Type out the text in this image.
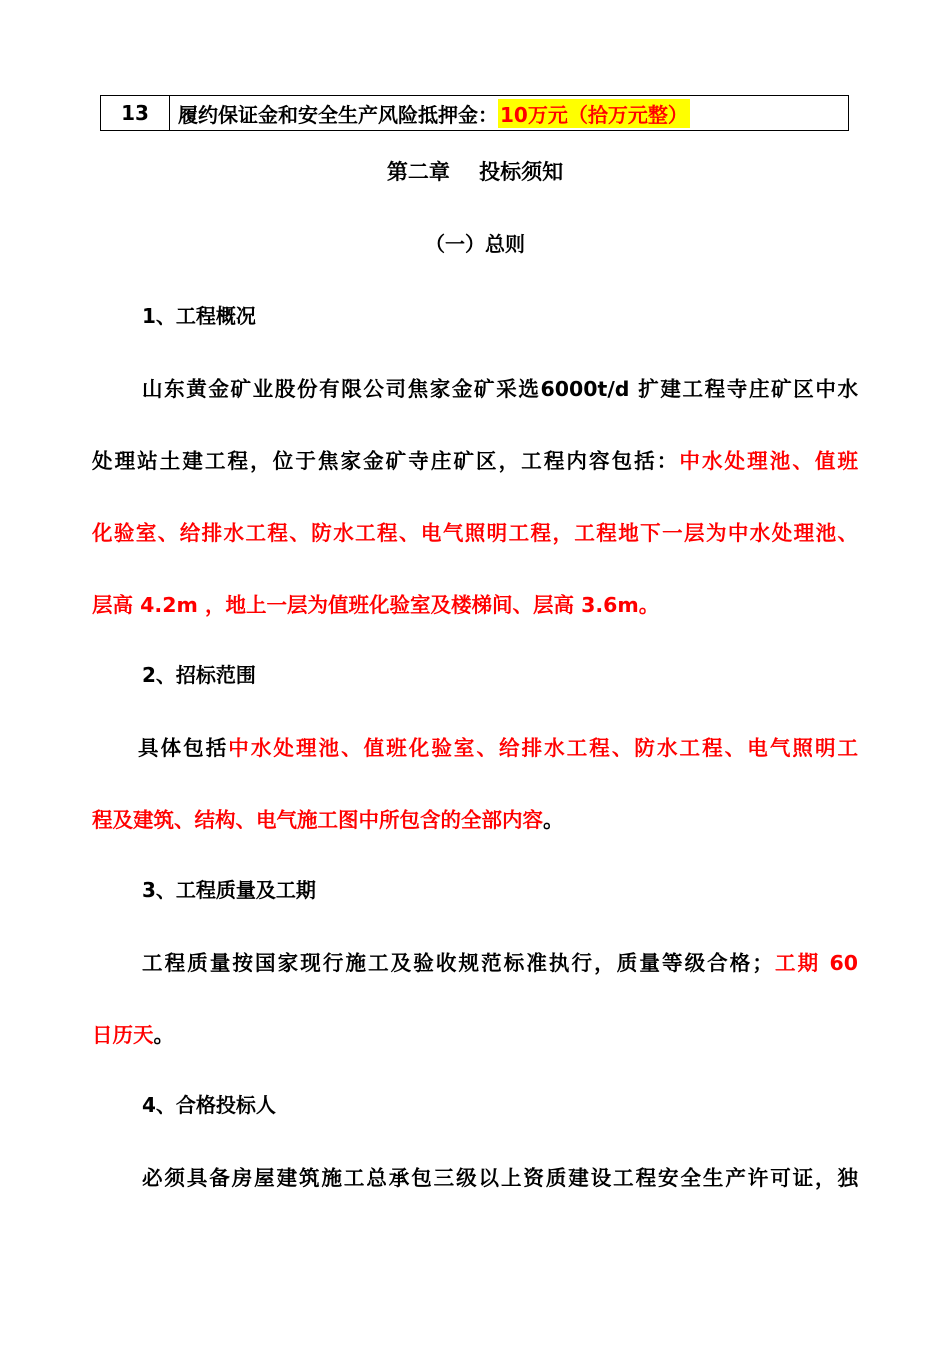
13	履约保证金和安全生产风险抵押金： 10万元（拾万元整）
第二章    投标须知
（一）总则
1、工程概况
山东黄金矿业股份有限公司焦家金矿采选6000t/d 扩建工程寺庄矿区中水
处理站土建工程，位于焦家金矿寺庄矿区，工程内容包括：中水处理池、值班
化验室、给排水工程、防水工程、电气照明工程，工程地下一层为中水处理池、
层高 4.2m ，地上一层为值班化验室及楼梯间、层高 3.6m。
2、招标范围
具体包括中水处理池、值班化验室、给排水工程、防水工程、电气照明工
程及建筑、结构、电气施工图中所包含的全部内容。
3、工程质量及工期
工程质量按国家现行施工及验收规范标准执行，质量等级合格；工期 60
日历天。
4、合格投标人
必须具备房屋建筑施工总承包三级以上资质建设工程安全生产许可证，独
